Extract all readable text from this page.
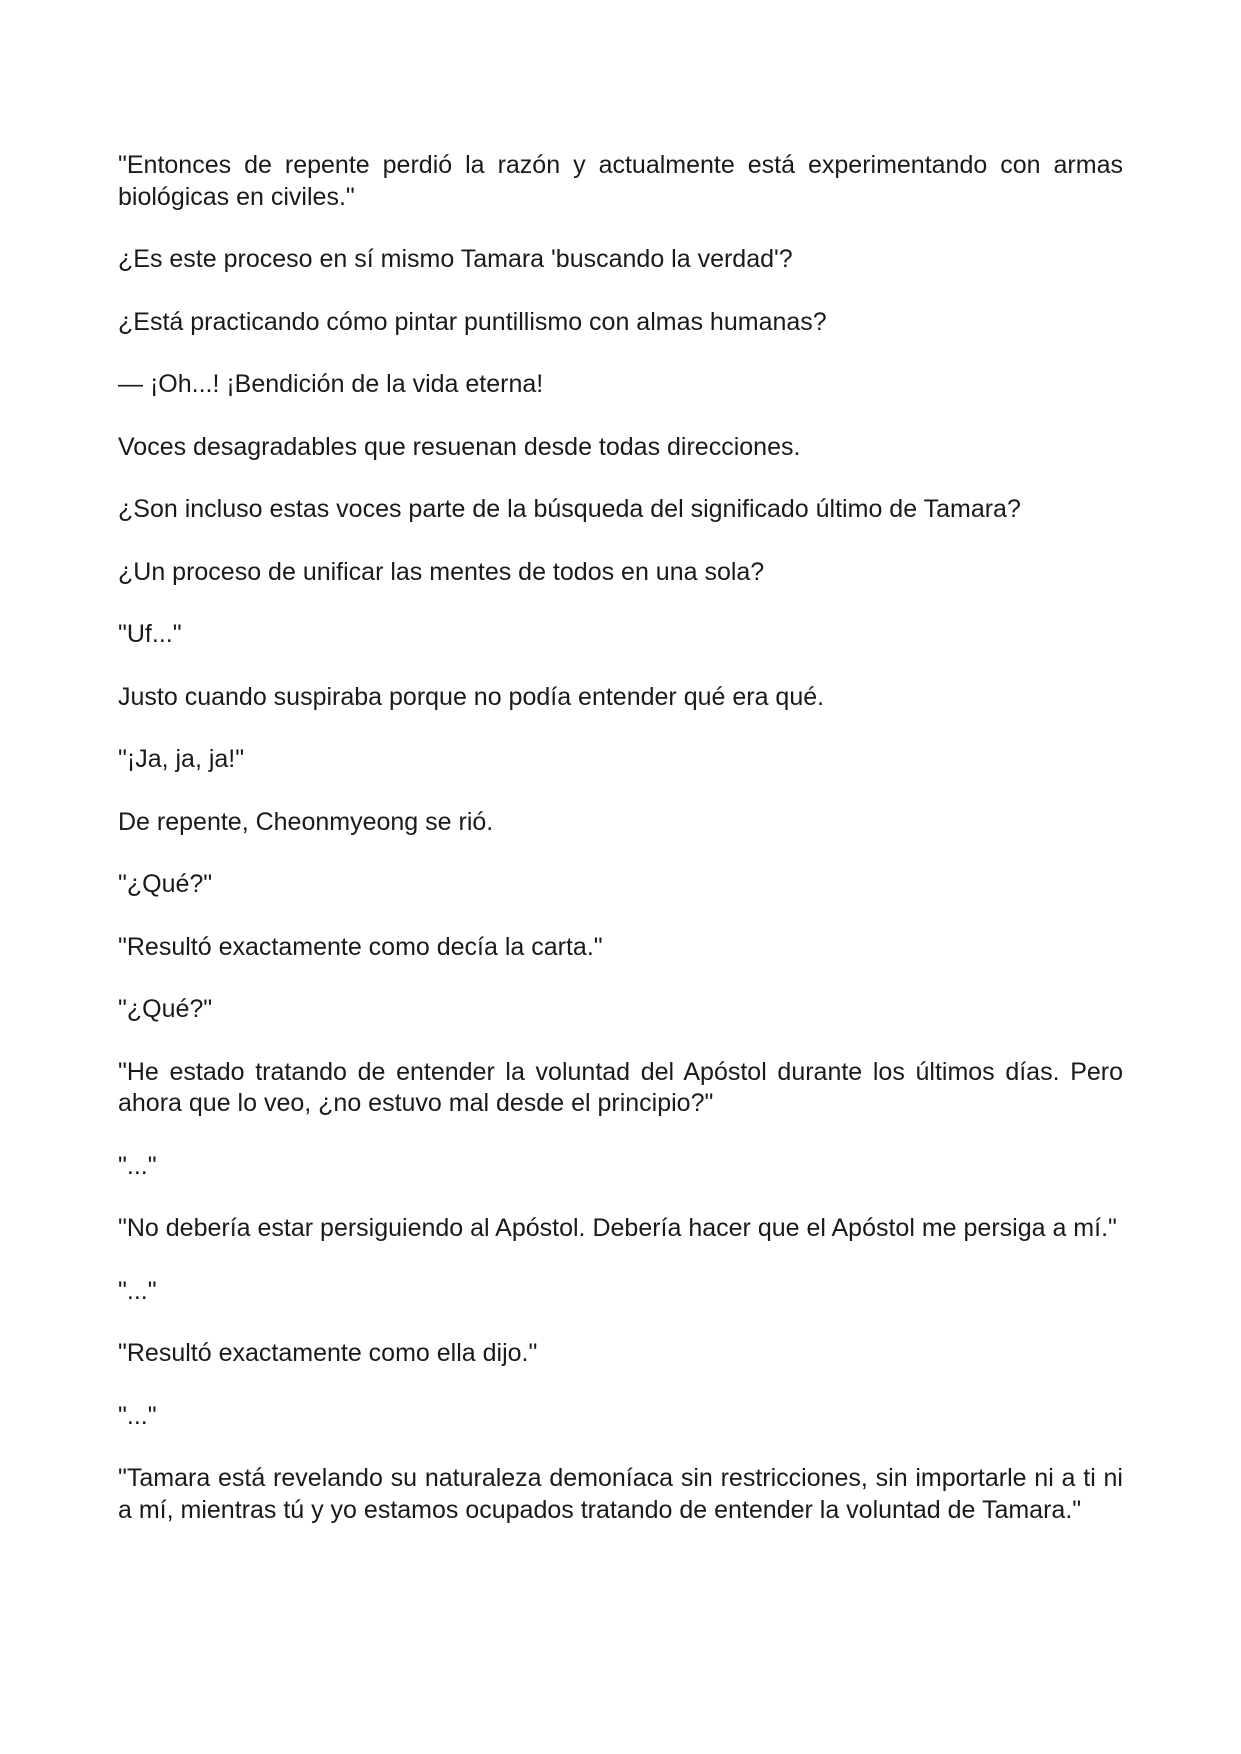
"Entonces de repente perdió la razón y actualmente está experimentando con armas biológicas en civiles."

¿Es este proceso en sí mismo Tamara 'buscando la verdad'?

¿Está practicando cómo pintar puntillismo con almas humanas?

— ¡Oh...! ¡Bendición de la vida eterna!

Voces desagradables que resuenan desde todas direcciones.

¿Son incluso estas voces parte de la búsqueda del significado último de Tamara?

¿Un proceso de unificar las mentes de todos en una sola?

"Uf..."

Justo cuando suspiraba porque no podía entender qué era qué.

"¡Ja, ja, ja!"

De repente, Cheonmyeong se rió.

"¿Qué?"

"Resultó exactamente como decía la carta."

"¿Qué?"

"He estado tratando de entender la voluntad del Apóstol durante los últimos días. Pero ahora que lo veo, ¿no estuvo mal desde el principio?"

"..."

"No debería estar persiguiendo al Apóstol. Debería hacer que el Apóstol me persiga a mí."

"..."

"Resultó exactamente como ella dijo."

"..."

"Tamara está revelando su naturaleza demoníaca sin restricciones, sin importarle ni a ti ni a mí, mientras tú y yo estamos ocupados tratando de entender la voluntad de Tamara."
